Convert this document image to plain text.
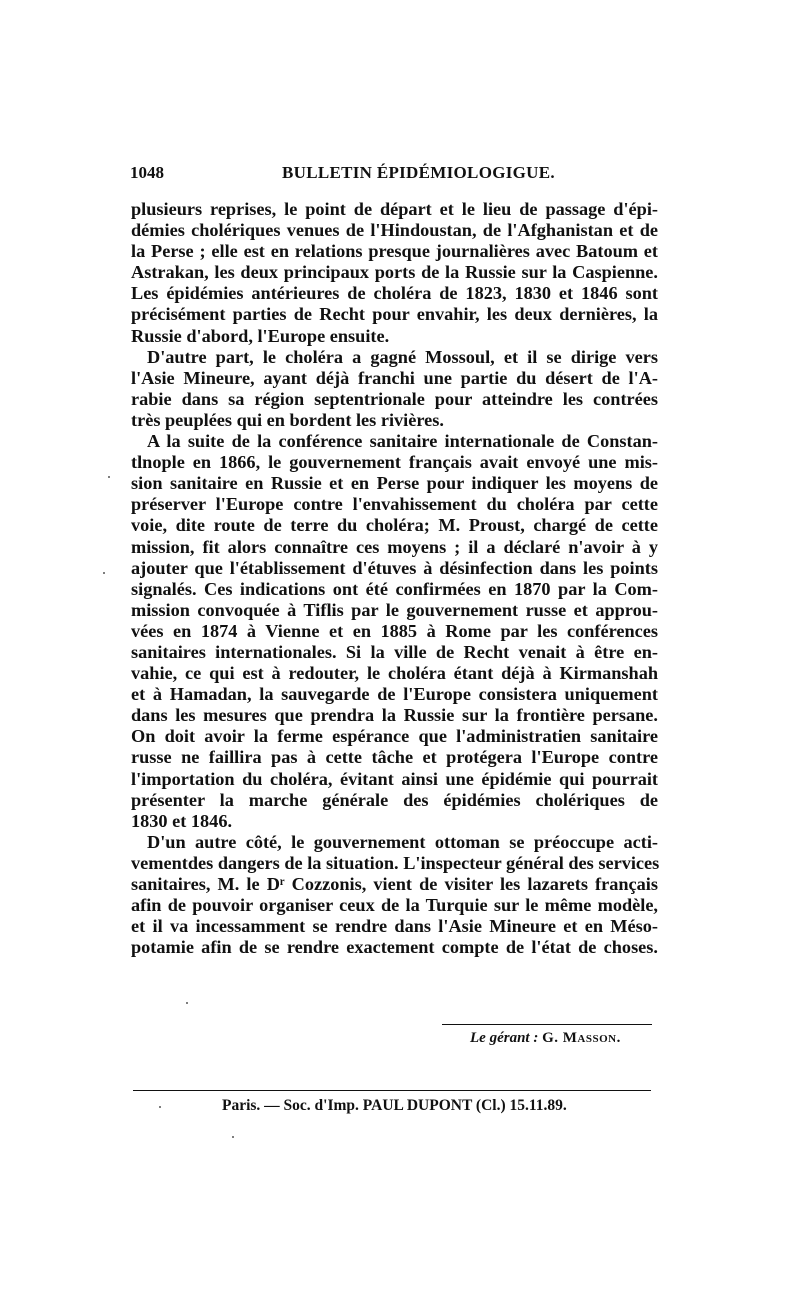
1048	BULLETIN ÉPIDÉMIOLOGIGUE.
plusieurs reprises, le point de départ et le lieu de passage d'épi-
démies cholériques venues de l'Hindoustan, de l'Afghanistan et de
la Perse ; elle est en relations presque journalières avec Batoum et
Astrakan, les deux principaux ports de la Russie sur la Caspienne.
Les épidémies antérieures de choléra de 1823, 1830 et 1846 sont
précisément parties de Recht pour envahir, les deux dernières, la
Russie d'abord, l'Europe ensuite.
D'autre part, le choléra a gagné Mossoul, et il se dirige vers
l'Asie Mineure, ayant déjà franchi une partie du désert de l'A-
rabie dans sa région septentrionale pour atteindre les contrées
très peuplées qui en bordent les rivières.
A la suite de la conférence sanitaire internationale de Constan-
tlnople en 1866, le gouvernement français avait envoyé une mis-
sion sanitaire en Russie et en Perse pour indiquer les moyens de
préserver l'Europe contre l'envahissement du choléra par cette
voie, dite route de terre du choléra; M. Proust, chargé de cette
mission, fit alors connaître ces moyens ; il a déclaré n'avoir à y
ajouter que l'établissement d'étuves à désinfection dans les points
signalés. Ces indications ont été confirmées en 1870 par la Com-
mission convoquée à Tiflis par le gouvernement russe et approu-
vées en 1874 à Vienne et en 1885 à Rome par les conférences
sanitaires internationales. Si la ville de Recht venait à être en-
vahie, ce qui est à redouter, le choléra étant déjà à Kirmanshah
et à Hamadan, la sauvegarde de l'Europe consistera uniquement
dans les mesures que prendra la Russie sur la frontière persane.
On doit avoir la ferme espérance que l'administratien sanitaire
russe ne faillira pas à cette tâche et protégera l'Europe contre
l'importation du choléra, évitant ainsi une épidémie qui pourrait
présenter la marche générale des épidémies cholériques de
1830 et 1846.
D'un autre côté, le gouvernement ottoman se préoccupe acti-
vementdes dangers de la situation. L'inspecteur général des services
sanitaires, M. le Dʳ Cozzonis, vient de visiter les lazarets français
afin de pouvoir organiser ceux de la Turquie sur le même modèle,
et il va incessamment se rendre dans l'Asie Mineure et en Méso-
potamie afin de se rendre exactement compte de l'état de choses.
Le gérant : G. Masson.
Paris. — Soc. d'Imp. PAUL DUPONT (Cl.) 15.11.89.
